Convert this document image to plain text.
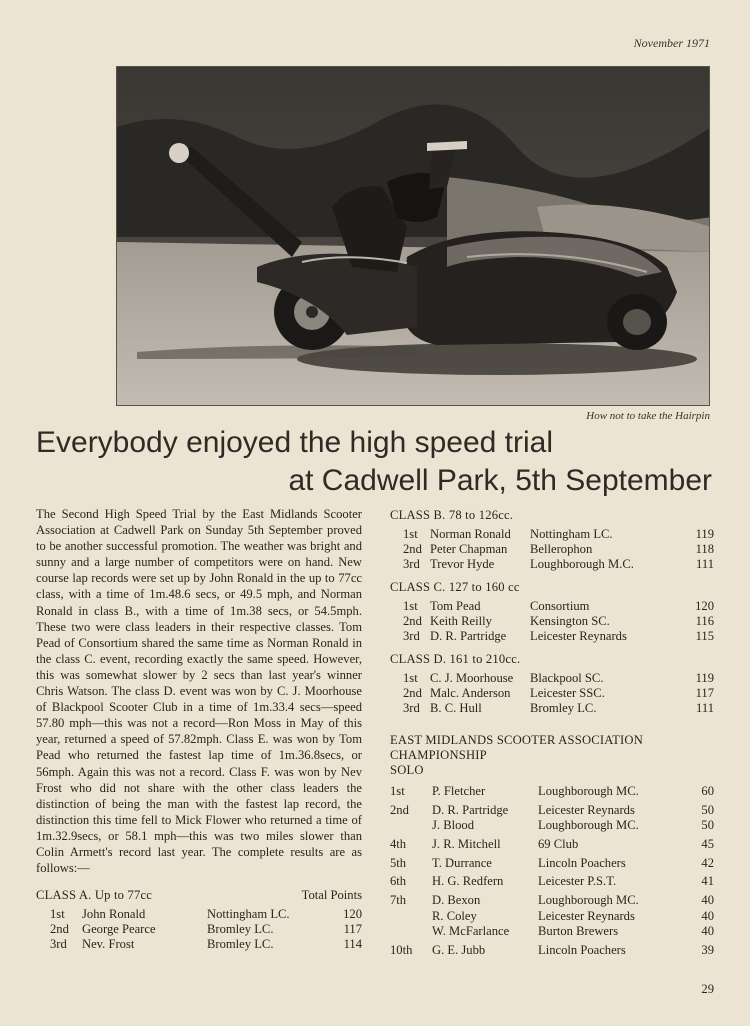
November 1971
How not to take the Hairpin
Everybody enjoyed the high speed trial
at Cadwell Park, 5th September

The Second High Speed Trial by the East Midlands Scooter Association at Cadwell Park on Sunday 5th September proved to be another successful promotion. The weather was bright and sunny and a large number of competitors were on hand. New course lap records were set up by John Ronald in the up to 77cc class, with a time of 1m.48.6 secs, or 49.5 mph, and Norman Ronald in class B., with a time of 1m.38 secs, or 54.5mph. These two were class leaders in their respective classes. Tom Pead of Consortium shared the same time as Norman Ronald in the class C. event, recording exactly the same speed. However, this was somewhat slower by 2 secs than last year's winner Chris Watson. The class D. event was won by C. J. Moorhouse of Blackpool Scooter Club in a time of 1m.33.4 secs—speed 57.80 mph—this was not a record—Ron Moss in May of this year, returned a speed of 57.82mph. Class E. was won by Tom Pead who returned the fastest lap time of 1m.36.8secs, or 56mph. Again this was not a record. Class F. was won by Nev Frost who did not share with the other class leaders the distinction of being the man with the fastest lap record, the distinction this time fell to Mick Flower who returned a time of 1m.32.9secs, or 58.1 mph—this was two miles slower than Colin Armett's record last year. The complete results are as follows:—

CLASS A. Up to 77cc	Total Points
1st	John Ronald	Nottingham LC.	120
2nd	George Pearce	Bromley LC.	117
3rd	Nev. Frost	Bromley LC.	114
CLASS B. 78 to 126cc.
1st	Norman Ronald	Nottingham LC.	119
2nd	Peter Chapman	Bellerophon	118
3rd	Trevor Hyde	Loughborough M.C.	111
CLASS C. 127 to 160 cc
1st	Tom Pead	Consortium	120
2nd	Keith Reilly	Kensington SC.	116
3rd	D. R. Partridge	Leicester Reynards	115
CLASS D. 161 to 210cc.
1st	C. J. Moorhouse	Blackpool SC.	119
2nd	Malc. Anderson	Leicester SSC.	117
3rd	B. C. Hull	Bromley LC.	111
EAST MIDLANDS SCOOTER ASSOCIATION
CHAMPIONSHIP
SOLO
1st	P. Fletcher	Loughborough MC.	60
2nd	D. R. Partridge	Leicester Reynards	50
	J. Blood	Loughborough MC.	50
4th	J. R. Mitchell	69 Club	45
5th	T. Durrance	Lincoln Poachers	42
6th	H. G. Redfern	Leicester P.S.T.	41
7th	D. Bexon	Loughborough MC.	40
	R. Coley	Leicester Reynards	40
	W. McFarlance	Burton Brewers	40
10th	G. E. Jubb	Lincoln Poachers	39
29
